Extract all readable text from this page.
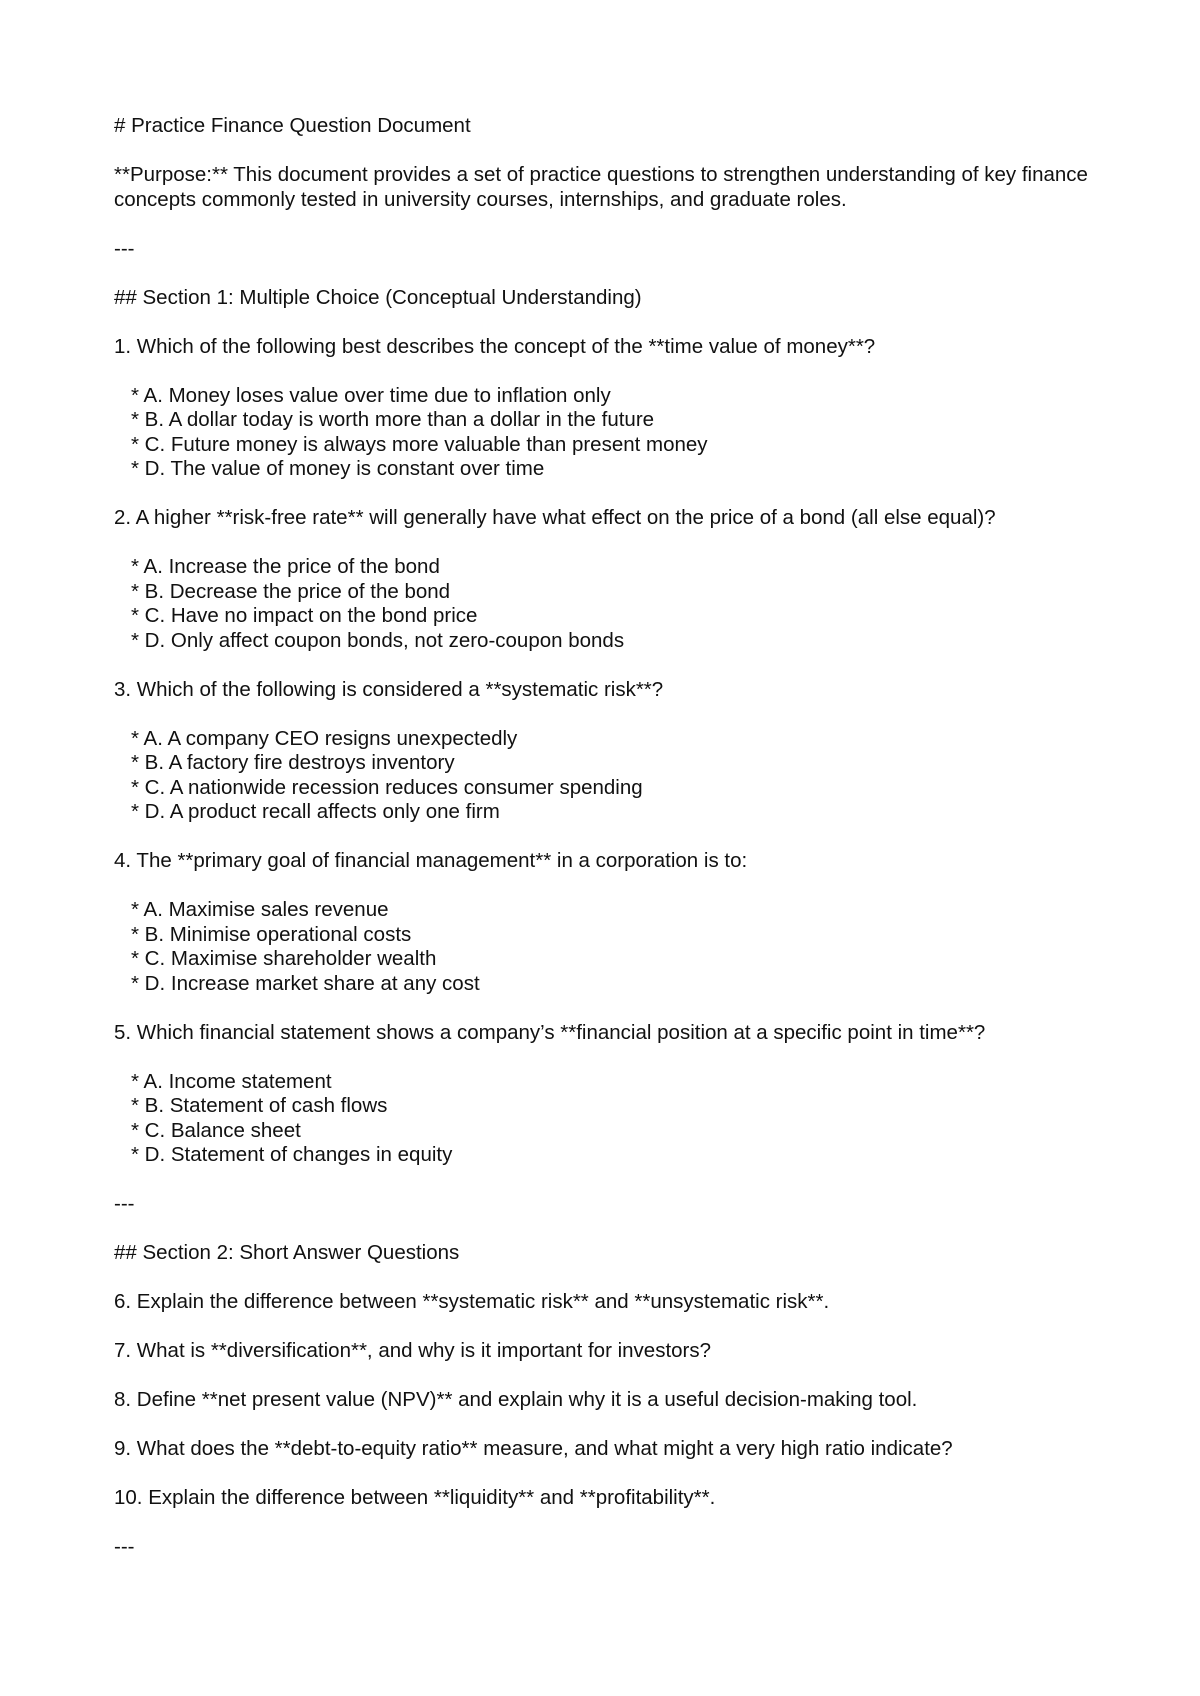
# Practice Finance Question Document

**Purpose:** This document provides a set of practice questions to strengthen understanding of key finance concepts commonly tested in university courses, internships, and graduate roles.

---

## Section 1: Multiple Choice (Conceptual Understanding)

1. Which of the following best describes the concept of the **time value of money**?

* A. Money loses value over time due to inflation only

* B. A dollar today is worth more than a dollar in the future

* C. Future money is always more valuable than present money

* D. The value of money is constant over time

2. A higher **risk-free rate** will generally have what effect on the price of a bond (all else equal)?

* A. Increase the price of the bond

* B. Decrease the price of the bond

* C. Have no impact on the bond price

* D. Only affect coupon bonds, not zero-coupon bonds

3. Which of the following is considered a **systematic risk**?

* A. A company CEO resigns unexpectedly

* B. A factory fire destroys inventory

* C. A nationwide recession reduces consumer spending

* D. A product recall affects only one firm

4. The **primary goal of financial management** in a corporation is to:

* A. Maximise sales revenue

* B. Minimise operational costs

* C. Maximise shareholder wealth

* D. Increase market share at any cost

5. Which financial statement shows a company’s **financial position at a specific point in time**?

* A. Income statement

* B. Statement of cash flows

* C. Balance sheet

* D. Statement of changes in equity

---

## Section 2: Short Answer Questions

6. Explain the difference between **systematic risk** and **unsystematic risk**.

7. What is **diversification**, and why is it important for investors?

8. Define **net present value (NPV)** and explain why it is a useful decision-making tool.

9. What does the **debt-to-equity ratio** measure, and what might a very high ratio indicate?

10. Explain the difference between **liquidity** and **profitability**.

---
